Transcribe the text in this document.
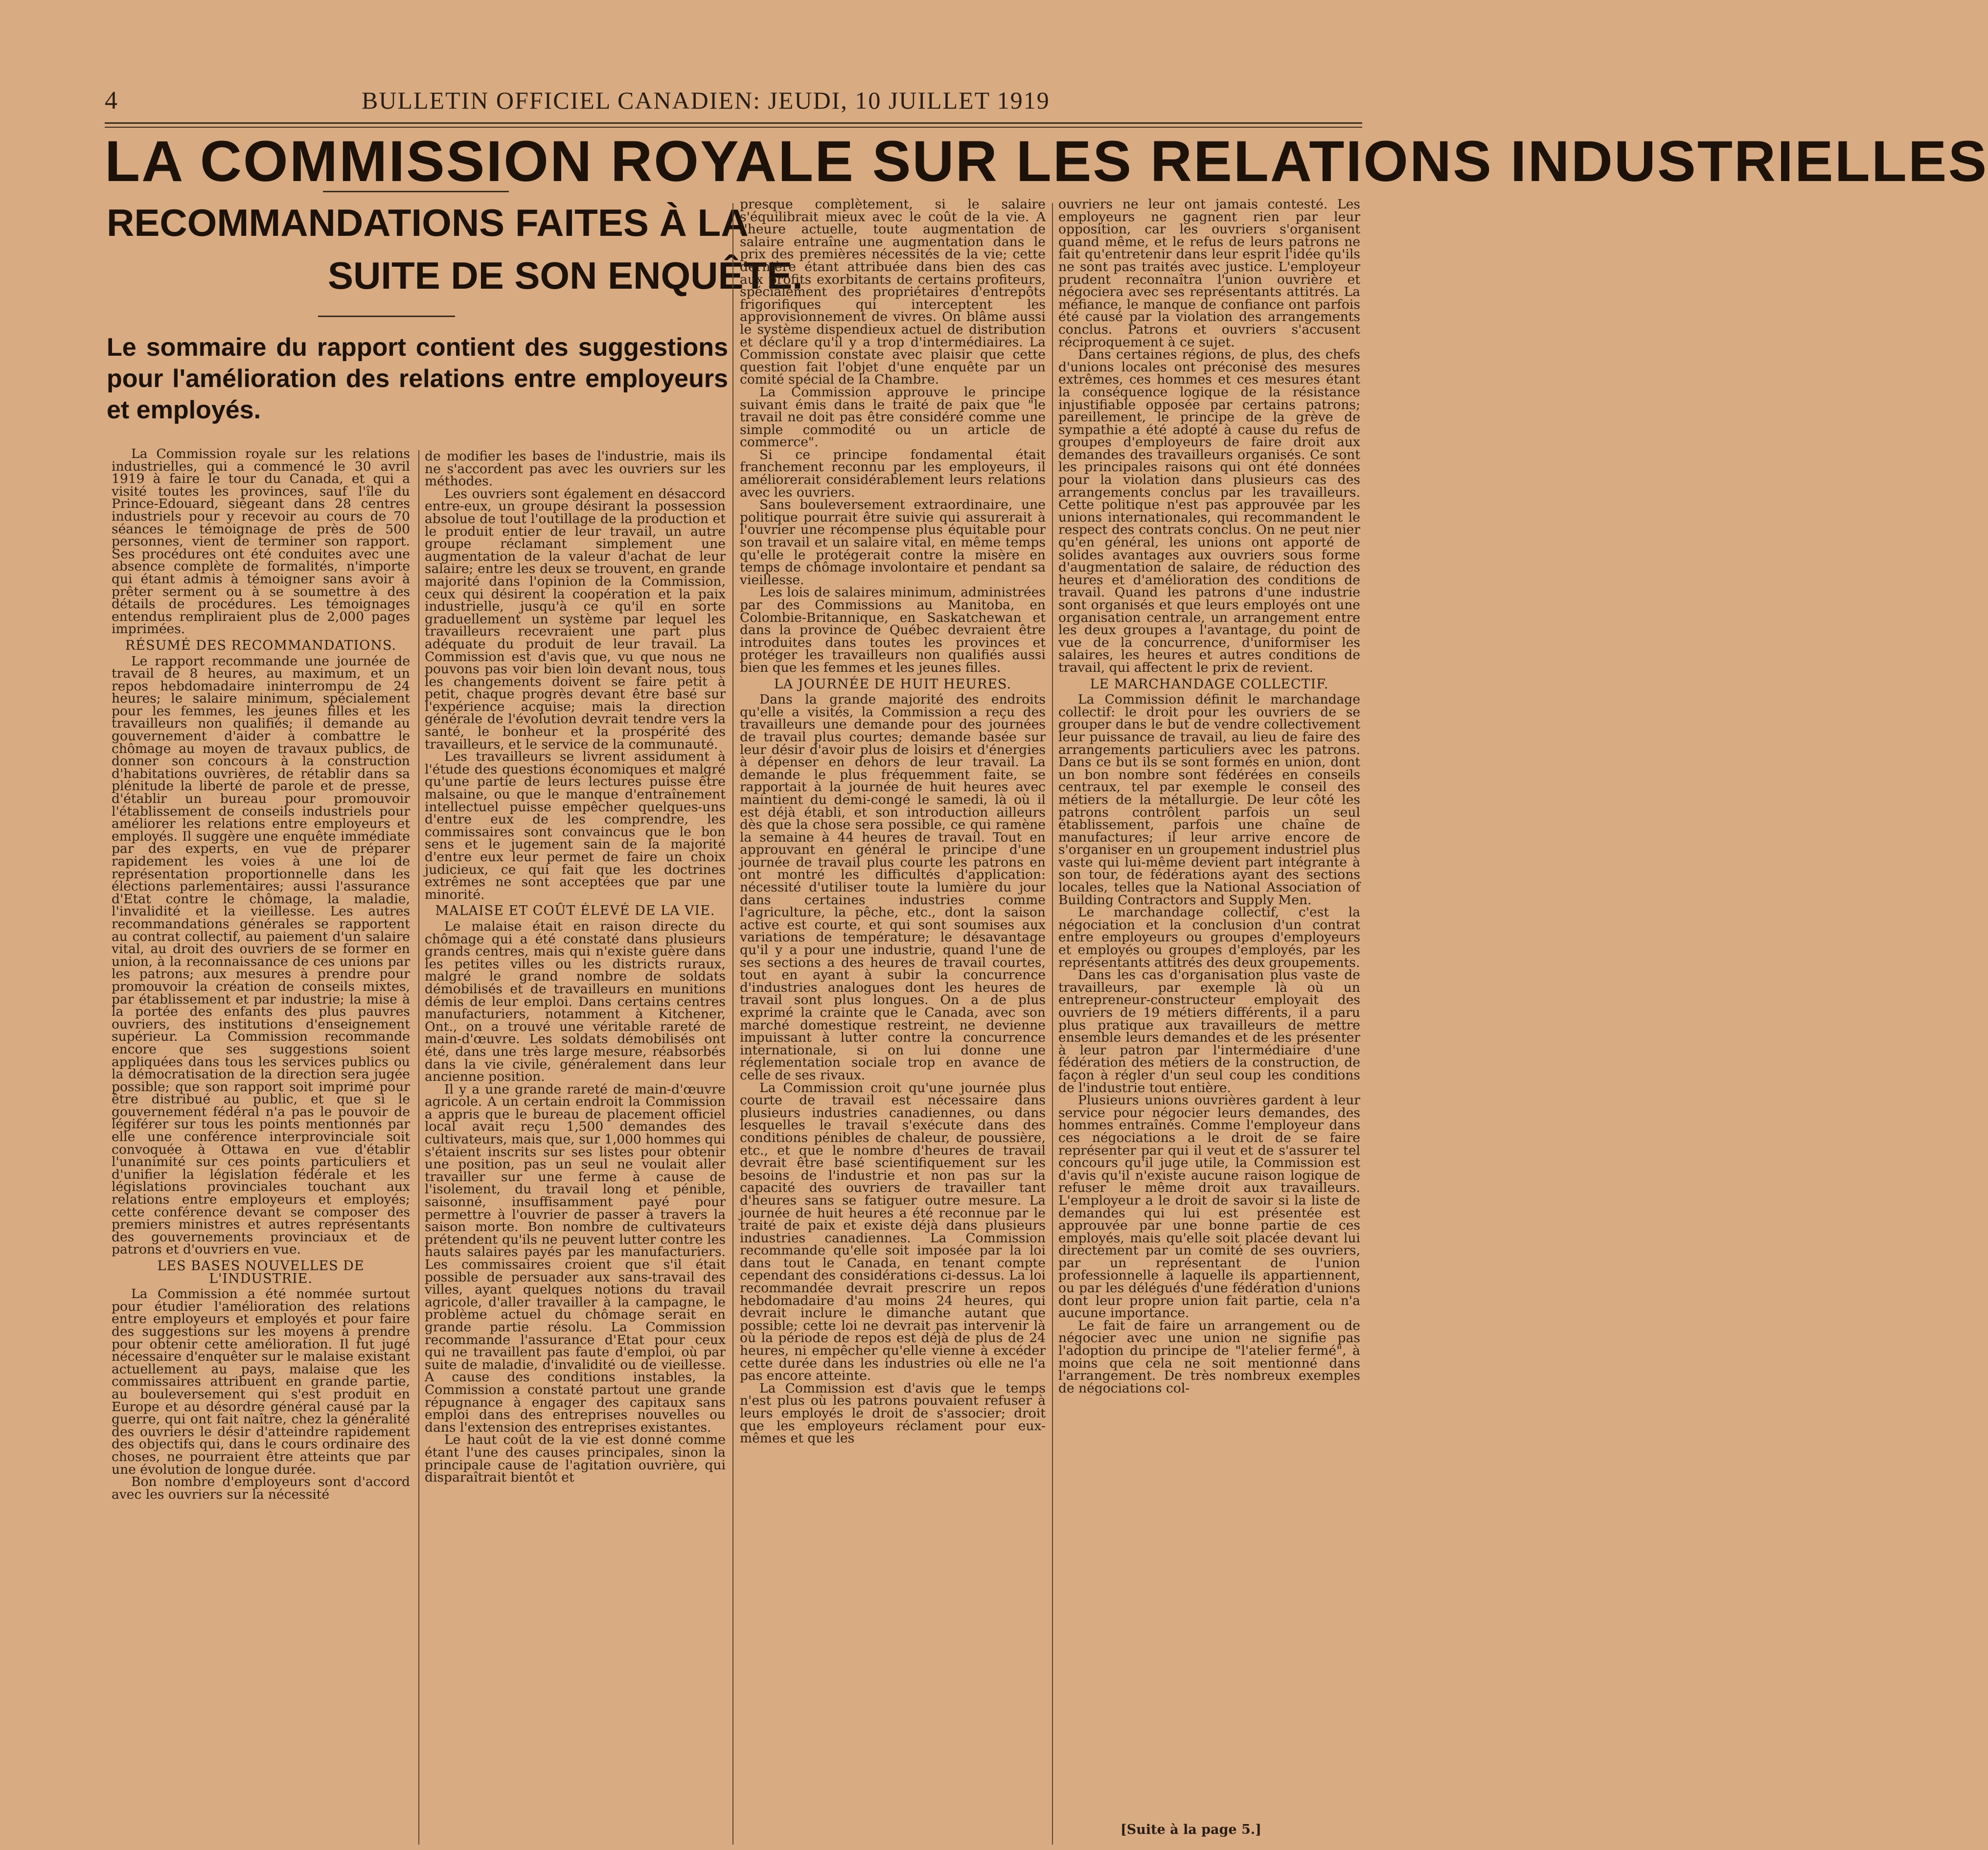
4	BULLETIN OFFICIEL CANADIEN: JEUDI, 10 JUILLET 1919
LA COMMISSION ROYALE SUR LES RELATIONS INDUSTRIELLES
RECOMMANDATIONS FAITES À LA
SUITE DE SON ENQUÊTE.
Le sommaire du rapport contient des suggestions pour l'amélioration des relations entre employeurs et employés.

La Commission royale sur les relations industrielles, qui a commencé le 30 avril 1919 à faire le tour du Canada, et qui a visité toutes les provinces, sauf l'île du Prince-Edouard, siégeant dans 28 centres industriels pour y recevoir au cours de 70 séances le témoignage de près de 500 personnes, vient de terminer son rapport. Ses procédures ont été conduites avec une absence complète de formalités, n'importe qui étant admis à témoigner sans avoir à prêter serment ou à se soumettre à des détails de procédures. Les témoignages entendus rempliraient plus de 2,000 pages imprimées.

RÉSUMÉ DES RECOMMANDATIONS.

Le rapport recommande une journée de travail de 8 heures, au maximum, et un repos hebdomadaire ininterrompu de 24 heures; le salaire minimum, spécialement pour les femmes, les jeunes filles et les travailleurs non qualifiés; il demande au gouvernement d'aider à combattre le chômage au moyen de travaux publics, de donner son concours à la construction d'habitations ouvrières, de rétablir dans sa plénitude la liberté de parole et de presse, d'établir un bureau pour promouvoir l'établissement de conseils industriels pour améliorer les relations entre employeurs et employés. Il suggère une enquête immédiate par des experts, en vue de préparer rapidement les voies à une loi de représentation proportionnelle dans les élections parlementaires; aussi l'assurance d'Etat contre le chômage, la maladie, l'invalidité et la vieillesse. Les autres recommandations générales se rapportent au contrat collectif, au paiement d'un salaire vital, au droit des ouvriers de se former en union, à la reconnaissance de ces unions par les patrons; aux mesures à prendre pour promouvoir la création de conseils mixtes, par établissement et par industrie; la mise à la portée des enfants des plus pauvres ouvriers, des institutions d'enseignement supérieur. La Commission recommande encore que ses suggestions soient appliquées dans tous les services publics ou la démocratisation de la direction sera jugée possible; que son rapport soit imprimé pour être distribué au public, et que si le gouvernement fédéral n'a pas le pouvoir de légiférer sur tous les points mentionnés par elle une conférence interprovinciale soit convoquée à Ottawa en vue d'établir l'unanimité sur ces points particuliers et d'unifier la législation fédérale et les législations provinciales touchant aux relations entre employeurs et employés; cette conférence devant se composer des premiers ministres et autres représentants des gouvernements provinciaux et de patrons et d'ouvriers en vue.

LES BASES NOUVELLES DE L'INDUSTRIE.

La Commission a été nommée surtout pour étudier l'amélioration des relations entre employeurs et employés et pour faire des suggestions sur les moyens à prendre pour obtenir cette amélioration. Il fut jugé nécessaire d'enquêter sur le malaise existant actuellement au pays, malaise que les commissaires attribuent en grande partie, au bouleversement qui s'est produit en Europe et au désordre général causé par la guerre, qui ont fait naître, chez la généralité des ouvriers le désir d'atteindre rapidement des objectifs qui, dans le cours ordinaire des choses, ne pourraient être atteints que par une évolution de longue durée.

Bon nombre d'employeurs sont d'accord avec les ouvriers sur la nécessité

de modifier les bases de l'industrie, mais ils ne s'accordent pas avec les ouvriers sur les méthodes.

Les ouvriers sont également en désaccord entre-eux, un groupe désirant la possession absolue de tout l'outillage de la production et le produit entier de leur travail, un autre groupe réclamant simplement une augmentation de la valeur d'achat de leur salaire; entre les deux se trouvent, en grande majorité dans l'opinion de la Commission, ceux qui désirent la coopération et la paix industrielle, jusqu'à ce qu'il en sorte graduellement un système par lequel les travailleurs recevraient une part plus adéquate du produit de leur travail. La Commission est d'avis que, vu que nous ne pouvons pas voir bien loin devant nous, tous les changements doivent se faire petit à petit, chaque progrès devant être basé sur l'expérience acquise; mais la direction générale de l'évolution devrait tendre vers la santé, le bonheur et la prospérité des travailleurs, et le service de la communauté.

Les travailleurs se livrent assidument à l'étude des questions économiques et malgré qu'une partie de leurs lectures puisse être malsaine, ou que le manque d'entraînement intellectuel puisse empêcher quelques-uns d'entre eux de les comprendre, les commissaires sont convaincus que le bon sens et le jugement sain de la majorité d'entre eux leur permet de faire un choix judicieux, ce qui fait que les doctrines extrêmes ne sont acceptées que par une minorité.

MALAISE ET COÛT ÉLEVÉ DE LA VIE.

Le malaise était en raison directe du chômage qui a été constaté dans plusieurs grands centres, mais qui n'existe guère dans les petites villes ou les districts ruraux, malgré le grand nombre de soldats démobilisés et de travailleurs en munitions démis de leur emploi. Dans certains centres manufacturiers, notamment à Kitchener, Ont., on a trouvé une véritable rareté de main-d'œuvre. Les soldats démobilisés ont été, dans une très large mesure, réabsorbés dans la vie civile, généralement dans leur ancienne position.

Il y a une grande rareté de main-d'œuvre agricole. A un certain endroit la Commission a appris que le bureau de placement officiel local avait reçu 1,500 demandes des cultivateurs, mais que, sur 1,000 hommes qui s'étaient inscrits sur ses listes pour obtenir une position, pas un seul ne voulait aller travailler sur une ferme à cause de l'isolement, du travail long et pénible, saisonné, insuffisamment payé pour permettre à l'ouvrier de passer à travers la saison morte. Bon nombre de cultivateurs prétendent qu'ils ne peuvent lutter contre les hauts salaires payés par les manufacturiers. Les commissaires croient que s'il était possible de persuader aux sans-travail des villes, ayant quelques notions du travail agricole, d'aller travailler à la campagne, le problème actuel du chômage serait en grande partie résolu. La Commission recommande l'assurance d'Etat pour ceux qui ne travaillent pas faute d'emploi, où par suite de maladie, d'invalidité ou de vieillesse. A cause des conditions instables, la Commission a constaté partout une grande répugnance à engager des capitaux sans emploi dans des entreprises nouvelles ou dans l'extension des entreprises existantes.

Le haut coût de la vie est donné comme étant l'une des causes principales, sinon la principale cause de l'agitation ouvrière, qui disparaîtrait bientôt et

presque complètement, si le salaire s'équilibrait mieux avec le coût de la vie. A l'heure actuelle, toute augmentation de salaire entraîne une augmentation dans le prix des premières nécessités de la vie; cette dernière étant attribuée dans bien des cas aux profits exorbitants de certains profiteurs, spécialement des propriétaires d'entrepôts frigorifiques qui interceptent les approvisionnement de vivres. On blâme aussi le système dispendieux actuel de distribution et déclare qu'il y a trop d'intermédiaires. La Commission constate avec plaisir que cette question fait l'objet d'une enquête par un comité spécial de la Chambre.

La Commission approuve le principe suivant émis dans le traité de paix que "le travail ne doit pas être considéré comme une simple commodité ou un article de commerce".

Si ce principe fondamental était franchement reconnu par les employeurs, il améliorerait considérablement leurs relations avec les ouvriers.

Sans bouleversement extraordinaire, une politique pourrait être suivie qui assurerait à l'ouvrier une récompense plus équitable pour son travail et un salaire vital, en même temps qu'elle le protégerait contre la misère en temps de chômage involontaire et pendant sa vieillesse.

Les lois de salaires minimum, administrées par des Commissions au Manitoba, en Colombie-Britannique, en Saskatchewan et dans la province de Québec devraient être introduites dans toutes les provinces et protéger les travailleurs non qualifiés aussi bien que les femmes et les jeunes filles.

LA JOURNÉE DE HUIT HEURES.

Dans la grande majorité des endroits qu'elle a visités, la Commission a reçu des travailleurs une demande pour des journées de travail plus courtes; demande basée sur leur désir d'avoir plus de loisirs et d'énergies à dépenser en dehors de leur travail. La demande le plus fréquemment faite, se rapportait à la journée de huit heures avec maintient du demi-congé le samedi, là où il est déjà établi, et son introduction ailleurs dès que la chose sera possible, ce qui ramène la semaine à 44 heures de travail. Tout en approuvant en général le principe d'une journée de travail plus courte les patrons en ont montré les difficultés d'application: nécessité d'utiliser toute la lumière du jour dans certaines industries comme l'agriculture, la pêche, etc., dont la saison active est courte, et qui sont soumises aux variations de température; le désavantage qu'il y a pour une industrie, quand l'une de ses sections a des heures de travail courtes, tout en ayant à subir la concurrence d'industries analogues dont les heures de travail sont plus longues. On a de plus exprimé la crainte que le Canada, avec son marché domestique restreint, ne devienne impuissant à lutter contre la concurrence internationale, si on lui donne une réglementation sociale trop en avance de celle de ses rivaux.

La Commission croit qu'une journée plus courte de travail est nécessaire dans plusieurs industries canadiennes, ou dans lesquelles le travail s'exécute dans des conditions pénibles de chaleur, de poussière, etc., et que le nombre d'heures de travail devrait être basé scientifiquement sur les besoins de l'industrie et non pas sur la capacité des ouvriers de travailler tant d'heures sans se fatiguer outre mesure. La journée de huit heures a été reconnue par le traité de paix et existe déjà dans plusieurs industries canadiennes. La Commission recommande qu'elle soit imposée par la loi dans tout le Canada, en tenant compte cependant des considérations ci-dessus. La loi recommandée devrait prescrire un repos hebdomadaire d'au moins 24 heures, qui devrait inclure le dimanche autant que possible; cette loi ne devrait pas intervenir là où la période de repos est déjà de plus de 24 heures, ni empêcher qu'elle vienne à excéder cette durée dans les industries où elle ne l'a pas encore atteinte.

La Commission est d'avis que le temps n'est plus où les patrons pouvaient refuser à leurs employés le droit de s'associer; droit que les employeurs réclament pour eux-mêmes et que les

ouvriers ne leur ont jamais contesté. Les employeurs ne gagnent rien par leur opposition, car les ouvriers s'organisent quand même, et le refus de leurs patrons ne fait qu'entretenir dans leur esprit l'idée qu'ils ne sont pas traités avec justice. L'employeur prudent reconnaîtra l'union ouvrière et négociera avec ses représentants attitrés. La méfiance, le manque de confiance ont parfois été causé par la violation des arrangements conclus. Patrons et ouvriers s'accusent réciproquement à ce sujet.

Dans certaines régions, de plus, des chefs d'unions locales ont préconisé des mesures extrêmes, ces hommes et ces mesures étant la conséquence logique de la résistance injustifiable opposée par certains patrons; pareillement, le principe de la grève de sympathie a été adopté à cause du refus de groupes d'employeurs de faire droit aux demandes des travailleurs organisés. Ce sont les principales raisons qui ont été données pour la violation dans plusieurs cas des arrangements conclus par les travailleurs. Cette politique n'est pas approuvée par les unions internationales, qui recommandent le respect des contrats conclus. On ne peut nier qu'en général, les unions ont apporté de solides avantages aux ouvriers sous forme d'augmentation de salaire, de réduction des heures et d'amélioration des conditions de travail. Quand les patrons d'une industrie sont organisés et que leurs employés ont une organisation centrale, un arrangement entre les deux groupes a l'avantage, du point de vue de la concurrence, d'uniformiser les salaires, les heures et autres conditions de travail, qui affectent le prix de revient.

LE MARCHANDAGE COLLECTIF.

La Commission définit le marchandage collectif: le droit pour les ouvriers de se grouper dans le but de vendre collectivement leur puissance de travail, au lieu de faire des arrangements particuliers avec les patrons. Dans ce but ils se sont formés en union, dont un bon nombre sont fédérées en conseils centraux, tel par exemple le conseil des métiers de la métallurgie. De leur côté les patrons contrôlent parfois un seul établissement, parfois une chaîne de manufactures; il leur arrive encore de s'organiser en un groupement industriel plus vaste qui lui-même devient part intégrante à son tour, de fédérations ayant des sections locales, telles que la National Association of Building Contractors and Supply Men.

Le marchandage collectif, c'est la négociation et la conclusion d'un contrat entre employeurs ou groupes d'employeurs et employés ou groupes d'employés, par les représentants attitrés des deux groupements.

Dans les cas d'organisation plus vaste de travailleurs, par exemple là où un entrepreneur-constructeur employait des ouvriers de 19 métiers différents, il a paru plus pratique aux travailleurs de mettre ensemble leurs demandes et de les présenter à leur patron par l'intermédiaire d'une fédération des métiers de la construction, de façon à régler d'un seul coup les conditions de l'industrie tout entière.

Plusieurs unions ouvrières gardent à leur service pour négocier leurs demandes, des hommes entraînés. Comme l'employeur dans ces négociations a le droit de se faire représenter par qui il veut et de s'assurer tel concours qu'il juge utile, la Commission est d'avis qu'il n'existe aucune raison logique de refuser le même droit aux travailleurs. L'employeur a le droit de savoir si la liste de demandes qui lui est présentée est approuvée par une bonne partie de ces employés, mais qu'elle soit placée devant lui directement par un comité de ses ouvriers, par un représentant de l'union professionnelle à laquelle ils appartiennent, ou par les délégués d'une fédération d'unions dont leur propre union fait partie, cela n'a aucune importance.

Le fait de faire un arrangement ou de négocier avec une union ne signifie pas l'adoption du principe de "l'atelier fermé", à moins que cela ne soit mentionné dans l'arrangement. De très nombreux exemples de négociations col-

[Suite à la page 5.]
